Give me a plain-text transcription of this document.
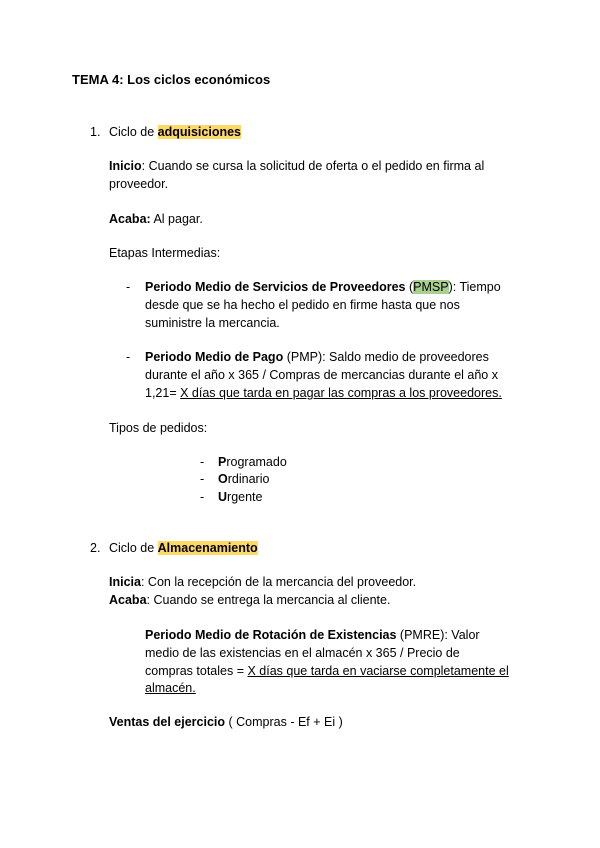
TEMA 4: Los ciclos económicos
1. Ciclo de adquisiciones
Inicio: Cuando se cursa la solicitud de oferta o el pedido en firma al
proveedor.
Acaba: Al pagar.
Etapas Intermedias:
- Periodo Medio de Servicios de Proveedores (PMSP): Tiempo
desde que se ha hecho el pedido en firme hasta que nos
suministre la mercancia.
- Periodo Medio de Pago (PMP): Saldo medio de proveedores
durante el año x 365 / Compras de mercancias durante el año x
1,21= X días que tarda en pagar las compras a los proveedores.
Tipos de pedidos:
- Programado
- Ordinario
- Urgente
2. Ciclo de Almacenamiento
Inicia: Con la recepción de la mercancia del proveedor.
Acaba: Cuando se entrega la mercancia al cliente.
Periodo Medio de Rotación de Existencias (PMRE): Valor
medio de las existencias en el almacén x 365 / Precio de
compras totales = X días que tarda en vaciarse completamente el
almacén.
Ventas del ejercicio ( Compras - Ef + Ei )
